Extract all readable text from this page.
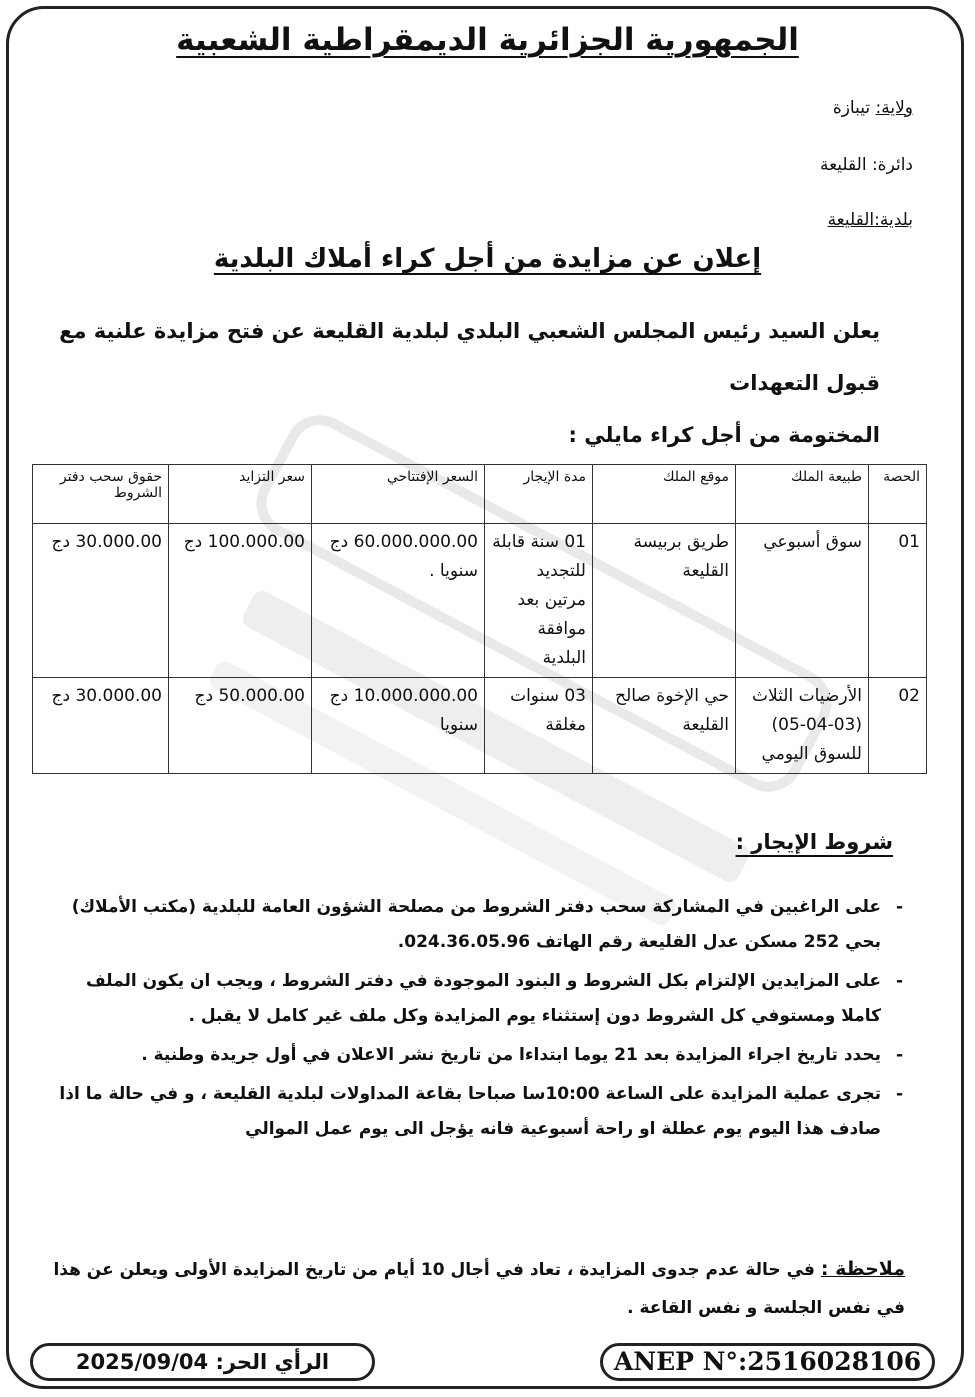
الجمهورية الجزائرية الديمقراطية الشعبية
ولاية: تيبازة
دائرة: القليعة
بلدية:القليعة
إعلان عن مزايدة من أجل كراء أملاك البلدية
يعلن السيد رئيس المجلس الشعبي البلدي لبلدية القليعة عن فتح مزايدة علنية مع قبول التعهدات
المختومة من أجل كراء مايلي :
الحصة	طبيعة الملك	موقع الملك	مدة الإيجار	السعر الإفتتاحي	سعر التزايد	حقوق سحب دفتر الشروط
01	سوق أسبوعي	طريق بربيسة القليعة	01 سنة قابلة للتجديد مرتين بعد موافقة البلدية	60.000.000.00 دج سنويا .	100.000.00 دج	30.000.00 دج
02	الأرضيات الثلاث (03-04-05) للسوق اليومي	حي الإخوة صالح القليعة	03 سنوات مغلقة	10.000.000.00 دج سنويا	50.000.00 دج	30.000.00 دج
شروط الإيجار :
- على الراغبين في المشاركة سحب دفتر الشروط من مصلحة الشؤون العامة للبلدية (مكتب الأملاك) بحي 252 مسكن عدل القليعة رقم الهاتف 024.36.05.96.
- على المزايدين الإلتزام بكل الشروط و البنود الموجودة في دفتر الشروط ، ويجب ان يكون الملف كاملا ومستوفي كل الشروط دون إستثناء يوم المزايدة وكل ملف غير كامل لا يقبل .
- يحدد تاريخ اجراء المزايدة بعد 21 يوما ابتداءا من تاريخ نشر الاعلان في أول جريدة وطنية .
- تجرى عملية المزايدة على الساعة 10:00سا صباحا بقاعة المداولات لبلدية القليعة ، و في حالة ما اذا صادف هذا اليوم يوم عطلة او راحة أسبوعية فانه يؤجل الى يوم عمل الموالي
ملاحظة : في حالة عدم جدوى المزايدة ، تعاد في أجال 10 أيام من تاريخ المزايدة الأولى ويعلن عن هذا في نفس الجلسة و نفس القاعة .
الرأي الحر: 2025/09/04	ANEP N°:2516028106
